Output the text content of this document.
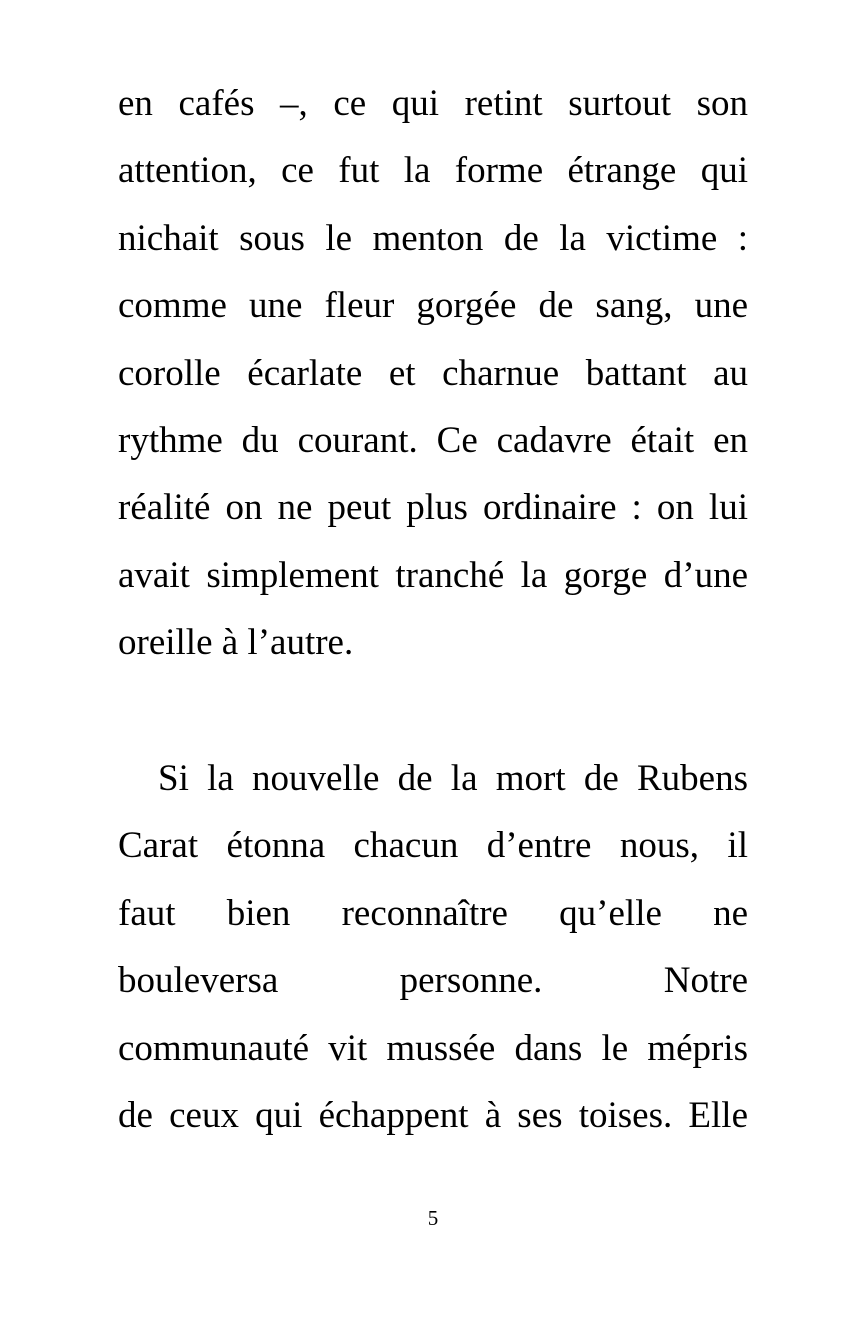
en cafés –, ce qui retint surtout son
attention, ce fut la forme étrange qui
nichait sous le menton de la victime :
comme une fleur gorgée de sang, une
corolle écarlate et charnue battant au
rythme du courant. Ce cadavre était en
réalité on ne peut plus ordinaire : on lui
avait simplement tranché la gorge d’une
oreille à l’autre.
Si la nouvelle de la mort de Rubens
Carat étonna chacun d’entre nous, il
faut bien reconnaître qu’elle ne
bouleversa personne. Notre
communauté vit mussée dans le mépris
de ceux qui échappent à ses toises. Elle
5
